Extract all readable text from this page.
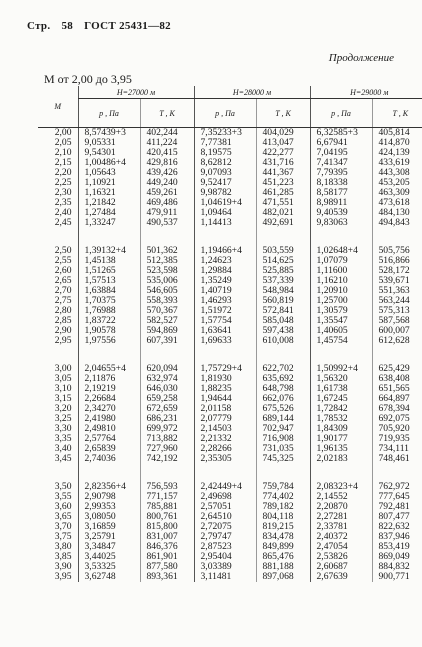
Стр. 58 ГОСТ 25431—82
Продолжение
M от 2,00 до 3,95
M	H=27000 м		H=28000 м		H=29000 м	
	p , Па	T , К	p , Па	T , К	p , Па	T , К
2,00	8,57439+3	402,244	7,35233+3	404,029	6,32585+3	405,814
2,05	9,05331	411,224	7,77381	413,047	6,67941	414,870
2,10	9,54301	420,415	8,19575	422,277	7,04195	424,139
2,15	1,00486+4	429,816	8,62812	431,716	7,41347	433,619
2,20	1,05643	439,426	9,07093	441,367	7,79395	443,308
2,25	1,10921	449,240	9,52417	451,223	8,18338	453,205
2,30	1,16321	459,261	9,98782	461,285	8,58177	463,309
2,35	1,21842	469,486	1,04619+4	471,551	8,98911	473,618
2,40	1,27484	479,911	1,09464	482,021	9,40539	484,130
2,45	1,33247	490,537	1,14413	492,691	9,83063	494,843

2,50	1,39132+4	501,362	1,19466+4	503,559	1,02648+4	505,756
2,55	1,45138	512,385	1,24623	514,625	1,07079	516,866
2,60	1,51265	523,598	1,29884	525,885	1,11600	528,172
2,65	1,57513	535,006	1,35249	537,339	1,16210	539,671
2,70	1,63884	546,605	1,40719	548,984	1,20910	551,363
2,75	1,70375	558,393	1,46293	560,819	1,25700	563,244
2,80	1,76988	570,367	1,51972	572,841	1,30579	575,313
2,85	1,83722	582,527	1,57754	585,048	1,35547	587,568
2,90	1,90578	594,869	1,63641	597,438	1,40605	600,007
2,95	1,97556	607,391	1,69633	610,008	1,45754	612,628

3,00	2,04655+4	620,094	1,75729+4	622,702	1,50992+4	625,429
3,05	2,11876	632,974	1,81930	635,692	1,56320	638,408
3,10	2,19219	646,030	1,88235	648,798	1,61738	651,565
3,15	2,26684	659,258	1,94644	662,076	1,67245	664,897
3,20	2,34270	672,659	2,01158	675,526	1,72842	678,394
3,25	2,41980	686,231	2,07779	689,144	1,78532	692,075
3,30	2,49810	699,972	2,14503	702,947	1,84309	705,920
3,35	2,57764	713,882	2,21332	716,908	1,90177	719,935
3,40	2,65839	727,960	2,28266	731,035	1,96135	734,111
3,45	2,74036	742,192	2,35305	745,325	2,02183	748,461

3,50	2,82356+4	756,593	2,42449+4	759,784	2,08323+4	762,972
3,55	2,90798	771,157	2,49698	774,402	2,14552	777,645
3,60	2,99353	785,881	2,57051	789,182	2,20870	792,481
3,65	3,08050	800,761	2,64510	804,118	2,27281	807,477
3,70	3,16859	815,800	2,72075	819,215	2,33781	822,632
3,75	3,25791	831,007	2,79747	834,478	2,40372	837,946
3,80	3,34847	846,376	2,87523	849,899	2,47054	853,419
3,85	3,44025	861,901	2,95404	865,476	2,53826	869,049
3,90	3,53325	877,580	3,03389	881,188	2,60687	884,832
3,95	3,62748	893,361	3,11481	897,068	2,67639	900,771
